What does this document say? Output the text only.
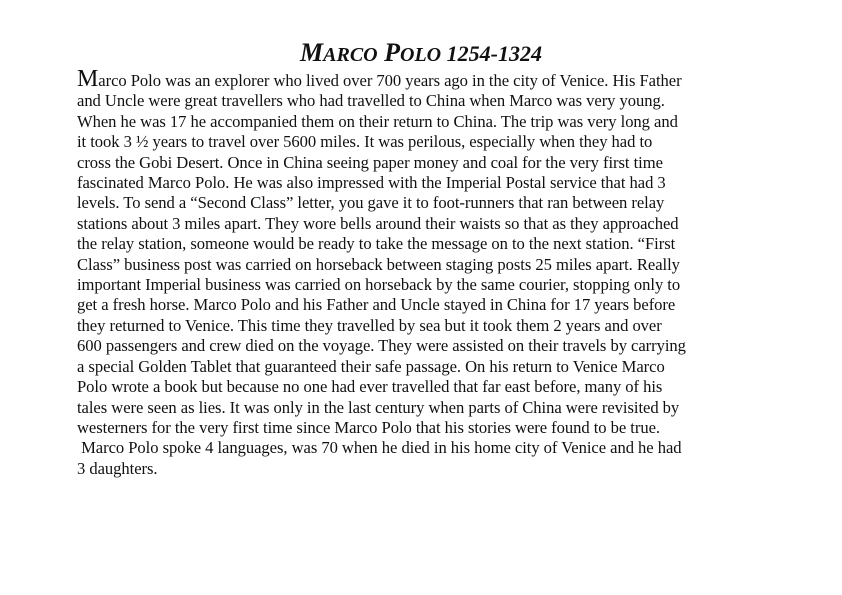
MARCO POLO 1254-1324
Marco Polo was an explorer who lived over 700 years ago in the city of Venice. His Father
and Uncle were great travellers who had travelled to China when Marco was very young.
When he was 17 he accompanied them on their return to China. The trip was very long and
it took 3 ½ years to travel over 5600 miles. It was perilous, especially when they had to
cross the Gobi Desert. Once in China seeing paper money and coal for the very first time
fascinated Marco Polo. He was also impressed with the Imperial Postal service that had 3
levels. To send a “Second Class” letter, you gave it to foot-runners that ran between relay
stations about 3 miles apart. They wore bells around their waists so that as they approached
the relay station, someone would be ready to take the message on to the next station. “First
Class” business post was carried on horseback between staging posts 25 miles apart. Really
important Imperial business was carried on horseback by the same courier, stopping only to
get a fresh horse. Marco Polo and his Father and Uncle stayed in China for 17 years before
they returned to Venice. This time they travelled by sea but it took them 2 years and over
600 passengers and crew died on the voyage. They were assisted on their travels by carrying
a special Golden Tablet that guaranteed their safe passage. On his return to Venice Marco
Polo wrote a book but because no one had ever travelled that far east before, many of his
tales were seen as lies. It was only in the last century when parts of China were revisited by
westerners for the very first time since Marco Polo that his stories were found to be true.
Marco Polo spoke 4 languages, was 70 when he died in his home city of Venice and he had
3 daughters.
